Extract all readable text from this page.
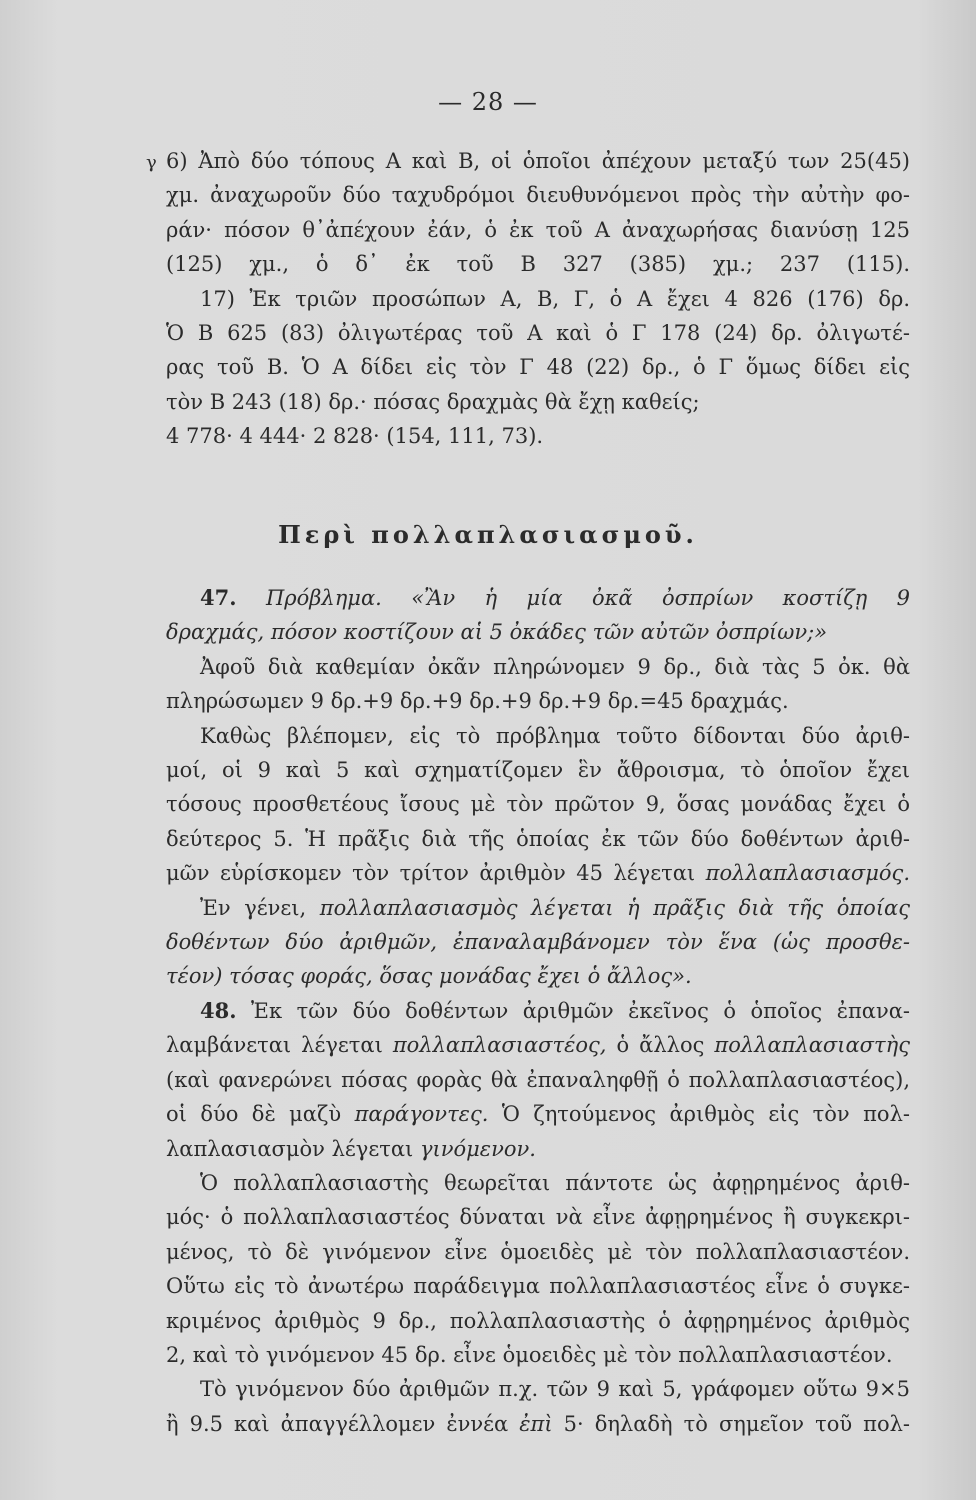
— 28 —
γ 6) Ἀπὸ δύο τόπους Α καὶ Β, οἱ ὁποῖοι ἀπέχουν μεταξύ των 25(45)
χμ. ἀναχωροῦν δύο ταχυδρόμοι διευθυνόμενοι πρὸς τὴν αὐτὴν φο-
ράν· πόσον θ᾽ἀπέχουν ἐάν, ὁ ἐκ τοῦ Α ἀναχωρήσας διανύσῃ 125
(125) χμ., ὁ δ᾽ ἐκ τοῦ Β 327 (385) χμ.; 237 (115).
17) Ἐκ τριῶν προσώπων Α, Β, Γ, ὁ Α ἔχει 4 826 (176) δρ.
Ὁ Β 625 (83) ὀλιγωτέρας τοῦ Α καὶ ὁ Γ 178 (24) δρ. ὀλιγωτέ-
ρας τοῦ Β. Ὁ Α δίδει εἰς τὸν Γ 48 (22) δρ., ὁ Γ ὅμως δίδει εἰς
τὸν Β 243 (18) δρ.· πόσας δραχμὰς θὰ ἔχῃ καθείς;
4 778· 4 444· 2 828· (154, 111, 73).
Περὶ πολλαπλασιασμοῦ.
47. Πρόβλημα. «Ἂν ἡ μία ὀκᾶ ὀσπρίων κοστίζῃ 9
δραχμάς, πόσον κοστίζουν αἱ 5 ὀκάδες τῶν αὐτῶν ὀσπρίων;»
Ἀφοῦ διὰ καθεμίαν ὀκᾶν πληρώνομεν 9 δρ., διὰ τὰς 5 ὀκ. θὰ
πληρώσωμεν 9 δρ.+9 δρ.+9 δρ.+9 δρ.+9 δρ.=45 δραχμάς.
Καθὼς βλέπομεν, εἰς τὸ πρόβλημα τοῦτο δίδονται δύο ἀριθ-
μοί, οἱ 9 καὶ 5 καὶ σχηματίζομεν ἓν ἄθροισμα, τὸ ὁποῖον ἔχει
τόσους προσθετέους ἴσους μὲ τὸν πρῶτον 9, ὅσας μονάδας ἔχει ὁ
δεύτερος 5. Ἡ πρᾶξις διὰ τῆς ὁποίας ἐκ τῶν δύο δοθέντων ἀριθ-
μῶν εὑρίσκομεν τὸν τρίτον ἀριθμὸν 45 λέγεται πολλαπλασιασμός.
Ἐν γένει, πολλαπλασιασμὸς λέγεται ἡ πρᾶξις διὰ τῆς ὁποίας
δοθέντων δύο ἀριθμῶν, ἐπαναλαμβάνομεν τὸν ἕνα (ὡς προσθε-
τέον) τόσας φοράς, ὅσας μονάδας ἔχει ὁ ἄλλος».
48. Ἐκ τῶν δύο δοθέντων ἀριθμῶν ἐκεῖνος ὁ ὁποῖος ἐπανα-
λαμβάνεται λέγεται πολλαπλασιαστέος, ὁ ἄλλος πολλαπλασιαστὴς
(καὶ φανερώνει πόσας φορὰς θὰ ἐπαναληφθῇ ὁ πολλαπλασιαστέος),
οἱ δύο δὲ μαζὺ παράγοντες. Ὁ ζητούμενος ἀριθμὸς εἰς τὸν πολ-
λαπλασιασμὸν λέγεται γινόμενον.
Ὁ πολλαπλασιαστὴς θεωρεῖται πάντοτε ὡς ἀφῃρημένος ἀριθ-
μός· ὁ πολλαπλασιαστέος δύναται νὰ εἶνε ἀφῃρημένος ἢ συγκεκρι-
μένος, τὸ δὲ γινόμενον εἶνε ὁμοειδὲς μὲ τὸν πολλαπλασιαστέον.
Οὕτω εἰς τὸ ἀνωτέρω παράδειγμα πολλαπλασιαστέος εἶνε ὁ συγκε-
κριμένος ἀριθμὸς 9 δρ., πολλαπλασιαστὴς ὁ ἀφῃρημένος ἀριθμὸς
2, καὶ τὸ γινόμενον 45 δρ. εἶνε ὁμοειδὲς μὲ τὸν πολλαπλασιαστέον.
Τὸ γινόμενον δύο ἀριθμῶν π.χ. τῶν 9 καὶ 5, γράφομεν οὕτω 9×5
ἢ 9.5 καὶ ἀπαγγέλλομεν ἐννέα ἐπὶ 5· δηλαδὴ τὸ σημεῖον τοῦ πολ-
